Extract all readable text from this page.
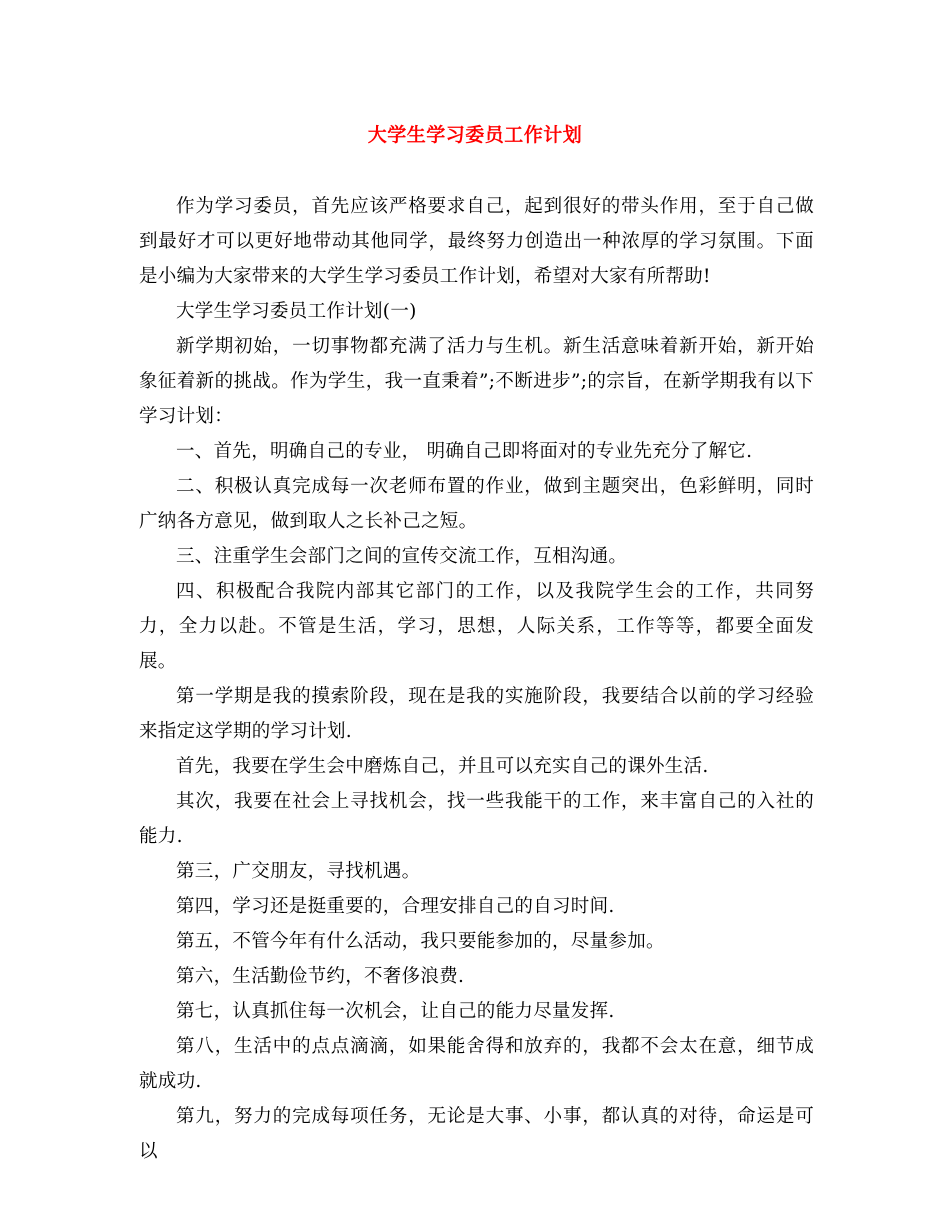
大学生学习委员工作计划

作为学习委员，首先应该严格要求自己，起到很好的带头作用，至于自己做到最好才可以更好地带动其他同学，最终努力创造出一种浓厚的学习氛围。下面是小编为大家带来的大学生学习委员工作计划，希望对大家有所帮助!

大学生学习委员工作计划(一)

新学期初始，一切事物都充满了活力与生机。新生活意味着新开始，新开始象征着新的挑战。作为学生，我一直秉着”;不断进步”;的宗旨，在新学期我有以下学习计划：

一、首先，明确自己的专业， 明确自己即将面对的专业先充分了解它.

二、积极认真完成每一次老师布置的作业，做到主题突出，色彩鲜明，同时广纳各方意见，做到取人之长补己之短。

三、注重学生会部门之间的宣传交流工作，互相沟通。

四、积极配合我院内部其它部门的工作，以及我院学生会的工作，共同努力，全力以赴。不管是生活，学习，思想，人际关系，工作等等，都要全面发展。

第一学期是我的摸索阶段，现在是我的实施阶段，我要结合以前的学习经验来指定这学期的学习计划.

首先，我要在学生会中磨炼自己，并且可以充实自己的课外生活.

其次，我要在社会上寻找机会，找一些我能干的工作，来丰富自己的入社的能力.

第三，广交朋友，寻找机遇。

第四，学习还是挺重要的，合理安排自己的自习时间.

第五，不管今年有什么活动，我只要能参加的，尽量参加。

第六，生活勤俭节约，不奢侈浪费.

第七，认真抓住每一次机会，让自己的能力尽量发挥.

第八，生活中的点点滴滴，如果能舍得和放弃的，我都不会太在意，细节成就成功.

第九，努力的完成每项任务，无论是大事、小事，都认真的对待，命运是可以
